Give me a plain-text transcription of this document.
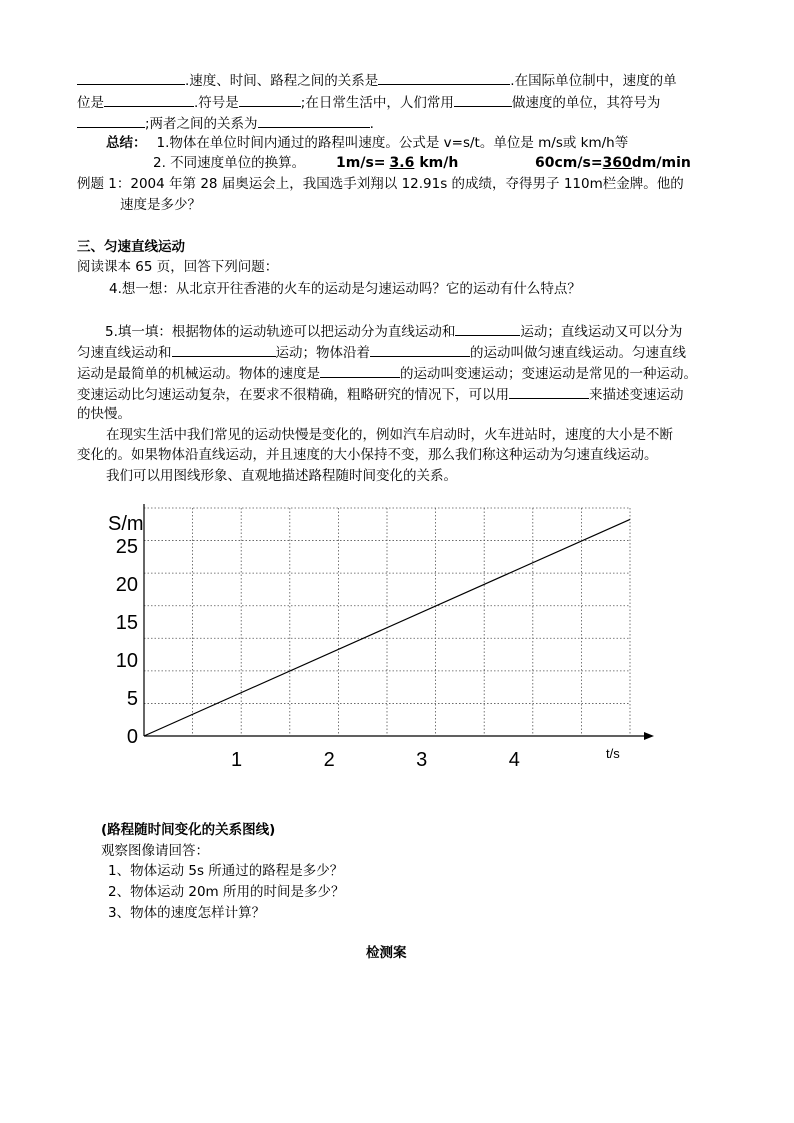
.速度、时间、路程之间的关系是	.在国际单位制中，速度的单
位是	.符号是	;在日常生活中，人们常用	做速度的单位，其符号为
;两者之间的关系为	.
总结： 1.物体在单位时间内通过的路程叫速度。公式是 v=s/t。单位是 m/s或 km/h等
2. 不同速度单位的换算。 1m/s= 3.6 km/h	60cm/s=360dm/min
例题 1：2004 年第 28 届奥运会上，我国选手刘翔以 12.91s 的成绩，夺得男子 110m栏金牌。他的
速度是多少？
三、匀速直线运动
阅读课本 65 页，回答下列问题：
4.想一想：从北京开往香港的火车的运动是匀速运动吗？它的运动有什么特点？
5.填一填：根据物体的运动轨迹可以把运动分为直线运动和	运动；直线运动又可以分为
匀速直线运动和	运动；物体沿着	的运动叫做匀速直线运动。匀速直线
运动是最简单的机械运动。物体的速度是	的运动叫变速运动；变速运动是常见的一种运动。
变速运动比匀速运动复杂，在要求不很精确，粗略研究的情况下，可以用	来描述变速运动
的快慢。
在现实生活中我们常见的运动快慢是变化的，例如汽车启动时，火车进站时，速度的大小是不断
变化的。如果物体沿直线运动，并且速度的大小保持不变，那么我们称这种运动为匀速直线运动。
我们可以用图线形象、直观地描述路程随时间变化的关系。
S/m
t/s
0
5
10
15
20
25
1	2	3	4
(路程随时间变化的关系图线)
观察图像请回答：
1、物体运动 5s 所通过的路程是多少？
2、物体运动 20m 所用的时间是多少？
3、物体的速度怎样计算？
检测案
